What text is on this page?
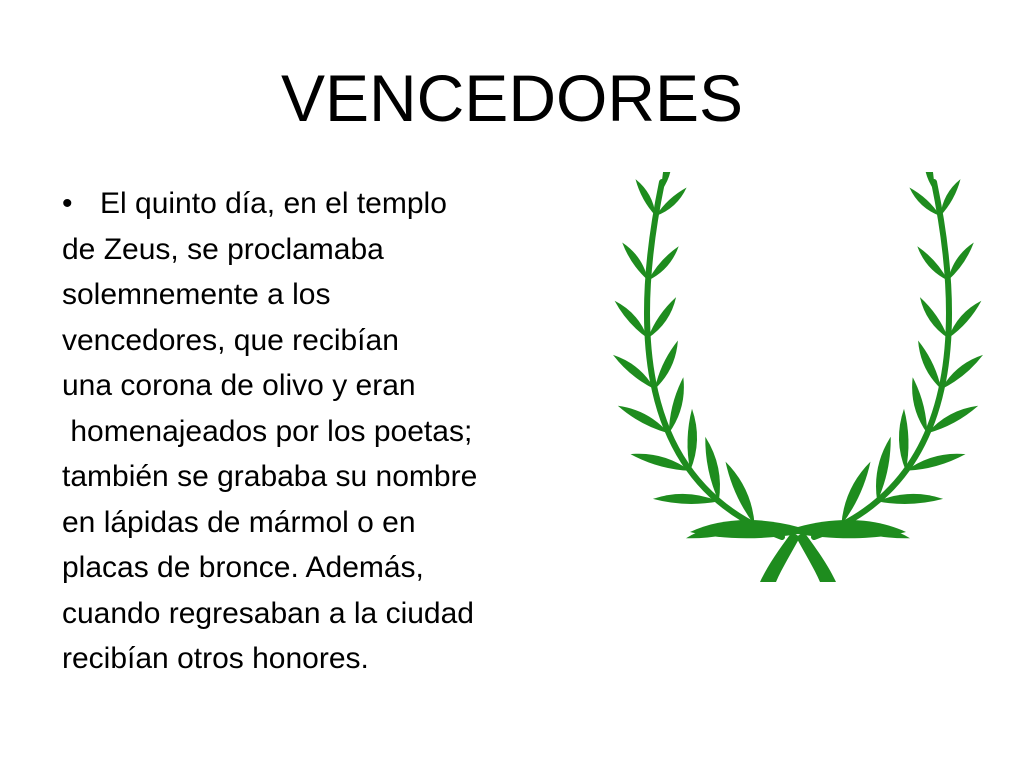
VENCEDORES
• El quinto día, en el templo
de Zeus, se proclamaba
solemnemente a los
vencedores, que recibían
una corona de olivo y eran
homenajeados por los poetas;
también se grababa su nombre
en lápidas de mármol o en
placas de bronce. Además,
cuando regresaban a la ciudad
recibían otros honores.
